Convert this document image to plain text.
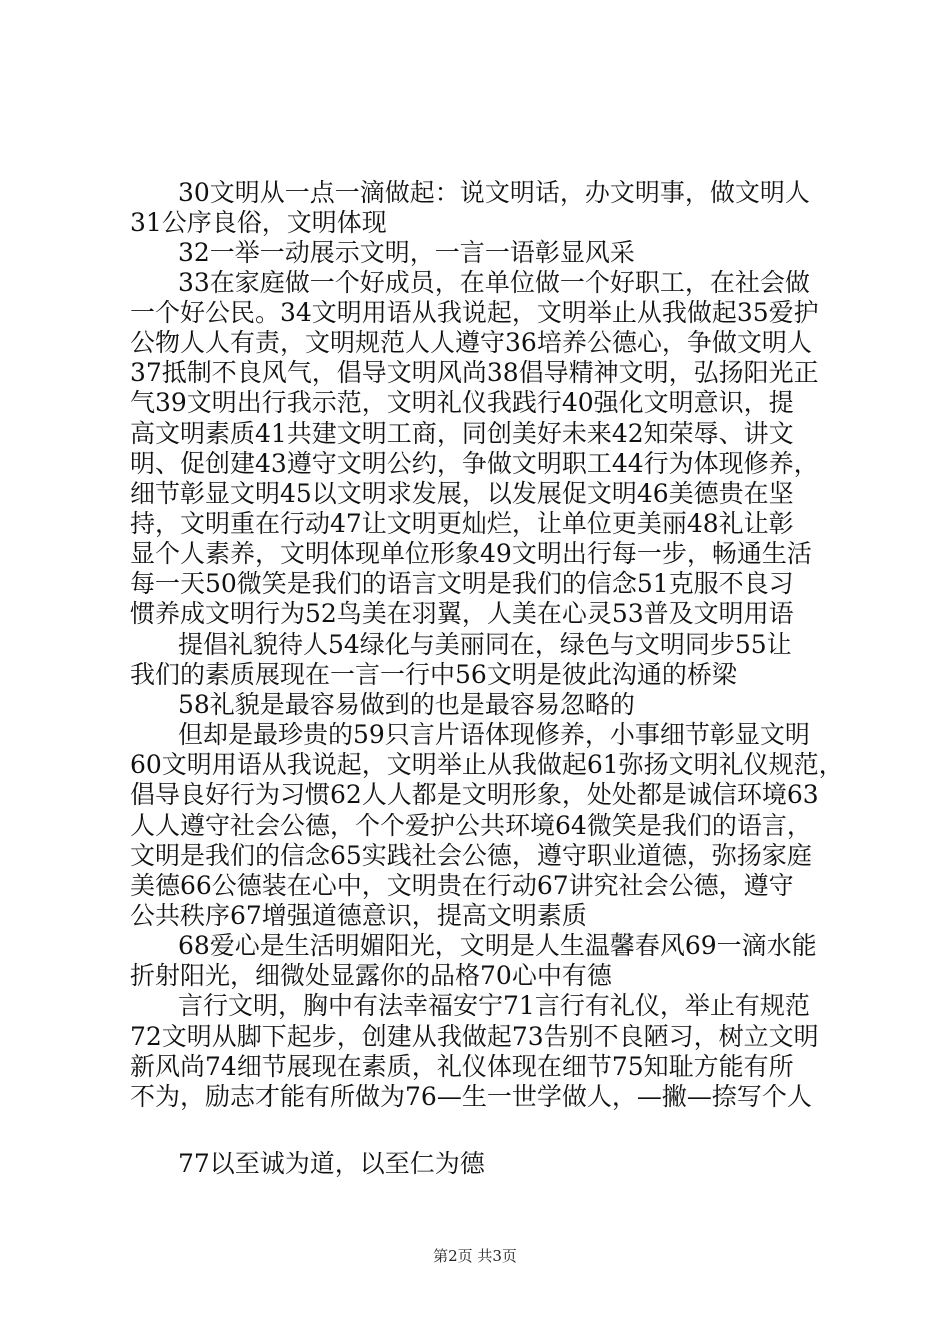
30文明从一点一滴做起：说文明话，办文明事，做文明人
31公序良俗，文明体现
32一举一动展示文明，一言一语彰显风采
33在家庭做一个好成员，在单位做一个好职工，在社会做
一个好公民。34文明用语从我说起，文明举止从我做起35爱护
公物人人有责，文明规范人人遵守36培养公德心，争做文明人
37抵制不良风气，倡导文明风尚38倡导精神文明，弘扬阳光正
气39文明出行我示范，文明礼仪我践行40强化文明意识，提
高文明素质41共建文明工商，同创美好未来42知荣辱、讲文
明、促创建43遵守文明公约，争做文明职工44行为体现修养，
细节彰显文明45以文明求发展，以发展促文明46美德贵在坚
持，文明重在行动47让文明更灿烂，让单位更美丽48礼让彰
显个人素养，文明体现单位形象49文明出行每一步，畅通生活
每一天50微笑是我们的语言文明是我们的信念51克服不良习
惯养成文明行为52鸟美在羽翼，人美在心灵53普及文明用语
提倡礼貌待人54绿化与美丽同在，绿色与文明同步55让
我们的素质展现在一言一行中56文明是彼此沟通的桥梁
58礼貌是最容易做到的也是最容易忽略的
但却是最珍贵的59只言片语体现修养，小事细节彰显文明
60文明用语从我说起，文明举止从我做起61弥扬文明礼仪规范，
倡导良好行为习惯62人人都是文明形象，处处都是诚信环境63
人人遵守社会公德，个个爱护公共环境64微笑是我们的语言，
文明是我们的信念65实践社会公德，遵守职业道德，弥扬家庭
美德66公德装在心中，文明贵在行动67讲究社会公德，遵守
公共秩序67增强道德意识，提高文明素质
68爱心是生活明媚阳光，文明是人生温馨春风69一滴水能
折射阳光，细微处显露你的品格70心中有德
言行文明，胸中有法幸福安宁71言行有礼仪，举止有规范
72文明从脚下起步，创建从我做起73告别不良陋习，树立文明
新风尚74细节展现在素质，礼仪体现在细节75知耻方能有所
不为，励志才能有所做为76—生一世学做人，—撇—捺写个人
77以至诚为道，以至仁为德
第2页 共3页
